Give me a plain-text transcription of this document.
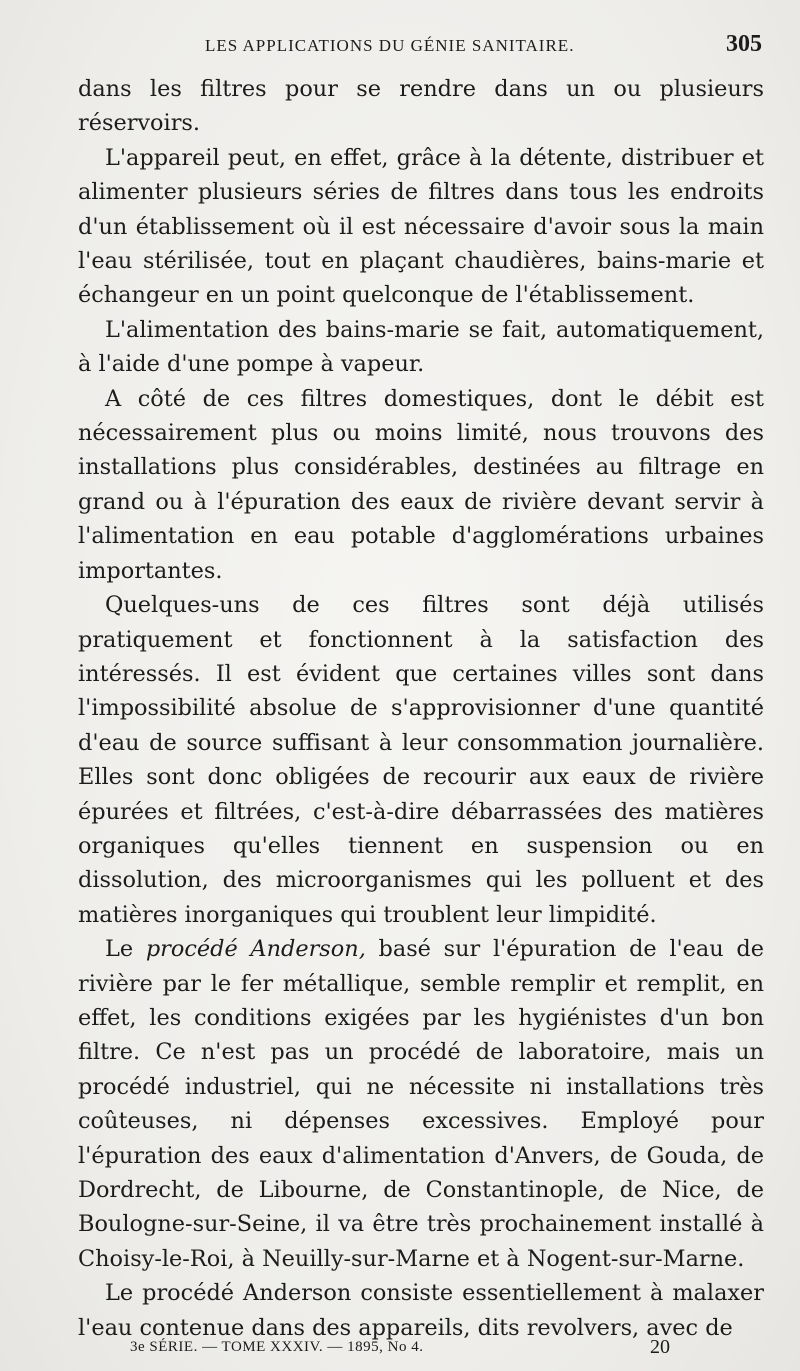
LES APPLICATIONS DU GÉNIE SANITAIRE.	305

dans les filtres pour se rendre dans un ou plusieurs réservoirs.

L'appareil peut, en effet, grâce à la détente, distribuer et alimenter plusieurs séries de filtres dans tous les endroits d'un établissement où il est nécessaire d'avoir sous la main l'eau stérilisée, tout en plaçant chaudières, bains-marie et échangeur en un point quelconque de l'établissement.

L'alimentation des bains-marie se fait, automatiquement, à l'aide d'une pompe à vapeur.

A côté de ces filtres domestiques, dont le débit est nécessairement plus ou moins limité, nous trouvons des installations plus considérables, destinées au filtrage en grand ou à l'épuration des eaux de rivière devant servir à l'alimentation en eau potable d'agglomérations urbaines importantes.

Quelques-uns de ces filtres sont déjà utilisés pratiquement et fonctionnent à la satisfaction des intéressés. Il est évident que certaines villes sont dans l'impossibilité absolue de s'approvisionner d'une quantité d'eau de source suffisant à leur consommation journalière. Elles sont donc obligées de recourir aux eaux de rivière épurées et filtrées, c'est-à-dire débarrassées des matières organiques qu'elles tiennent en suspension ou en dissolution, des microorganismes qui les polluent et des matières inorganiques qui troublent leur limpidité.

Le procédé Anderson, basé sur l'épuration de l'eau de rivière par le fer métallique, semble remplir et remplit, en effet, les conditions exigées par les hygiénistes d'un bon filtre. Ce n'est pas un procédé de laboratoire, mais un procédé industriel, qui ne nécessite ni installations très coûteuses, ni dépenses excessives. Employé pour l'épuration des eaux d'alimentation d'Anvers, de Gouda, de Dordrecht, de Libourne, de Constantinople, de Nice, de Boulogne-sur-Seine, il va être très prochainement installé à Choisy-le-Roi, à Neuilly-sur-Marne et à Nogent-sur-Marne.

Le procédé Anderson consiste essentiellement à malaxer l'eau contenue dans des appareils, dits revolvers, avec de

3e SÉRIE. — TOME XXXIV. — 1895, No 4.	20
